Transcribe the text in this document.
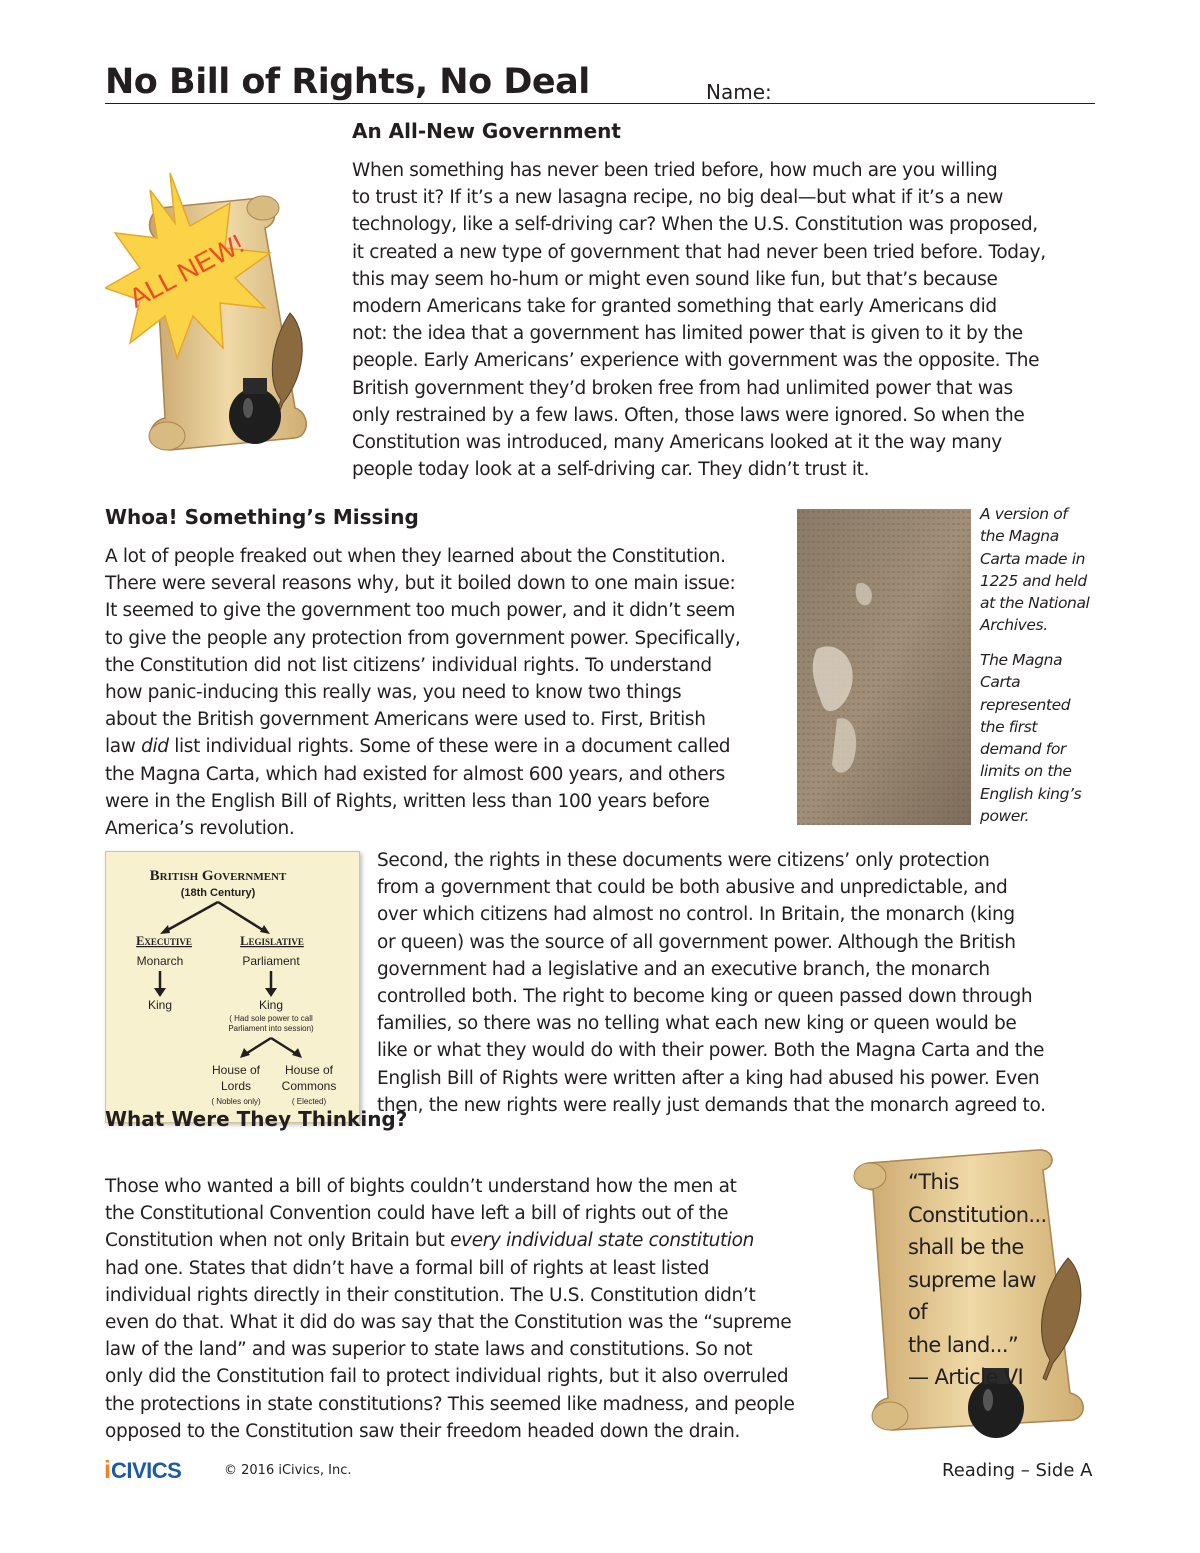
No Bill of Rights, No Deal	Name:
ALL NEW!
An All-New Government

When something has never been tried before, how much are you willing
to trust it? If it’s a new lasagna recipe, no big deal—but what if it’s a new
technology, like a self-driving car? When the U.S. Constitution was proposed,
it created a new type of government that had never been tried before. Today,
this may seem ho-hum or might even sound like fun, but that’s because
modern Americans take for granted something that early Americans did
not: the idea that a government has limited power that is given to it by the
people. Early Americans’ experience with government was the opposite. The
British government they’d broken free from had unlimited power that was
only restrained by a few laws. Often, those laws were ignored. So when the
Constitution was introduced, many Americans looked at it the way many
people today look at a self-driving car. They didn’t trust it.

Whoa! Something’s Missing

A lot of people freaked out when they learned about the Constitution.
There were several reasons why, but it boiled down to one main issue:
It seemed to give the government too much power, and it didn’t seem
to give the people any protection from government power. Specifically,
the Constitution did not list citizens’ individual rights. To understand
how panic-inducing this really was, you need to know two things
about the British government Americans were used to. First, British
law did list individual rights. Some of these were in a document called
the Magna Carta, which had existed for almost 600 years, and others
were in the English Bill of Rights, written less than 100 years before
America’s revolution.

A version of
the Magna
Carta made in
1225 and held
at the National
Archives.

The Magna
Carta
represented
the first
demand for
limits on the
English king’s
power.

British Government
(18th Century)
Executive	Legislative
Monarch	Parliament
King	King
( Had sole power to call
Parliament into session)
House of
Lords
( Nobles only)
House of
Commons
( Elected)

Second, the rights in these documents were citizens’ only protection
from a government that could be both abusive and unpredictable, and
over which citizens had almost no control. In Britain, the monarch (king
or queen) was the source of all government power. Although the British
government had a legislative and an executive branch, the monarch
controlled both. The right to become king or queen passed down through
families, so there was no telling what each new king or queen would be
like or what they would do with their power. Both the Magna Carta and the
English Bill of Rights were written after a king had abused his power. Even
then, the new rights were really just demands that the monarch agreed to.

What Were They Thinking?

Those who wanted a bill of bights couldn’t understand how the men at
the Constitutional Convention could have left a bill of rights out of the
Constitution when not only Britain but every individual state constitution
had one. States that didn’t have a formal bill of rights at least listed
individual rights directly in their constitution. The U.S. Constitution didn’t
even do that. What it did do was say that the Constitution was the “supreme
law of the land” and was superior to state laws and constitutions. So not
only did the Constitution fail to protect individual rights, but it also overruled
the protections in state constitutions? This seemed like madness, and people
opposed to the Constitution saw their freedom headed down the drain.

“This
Constitution...
shall be the
supreme law of
the land...”
— Article VI

iCIVICS	© 2016 iCivics, Inc.	Reading – Side A
